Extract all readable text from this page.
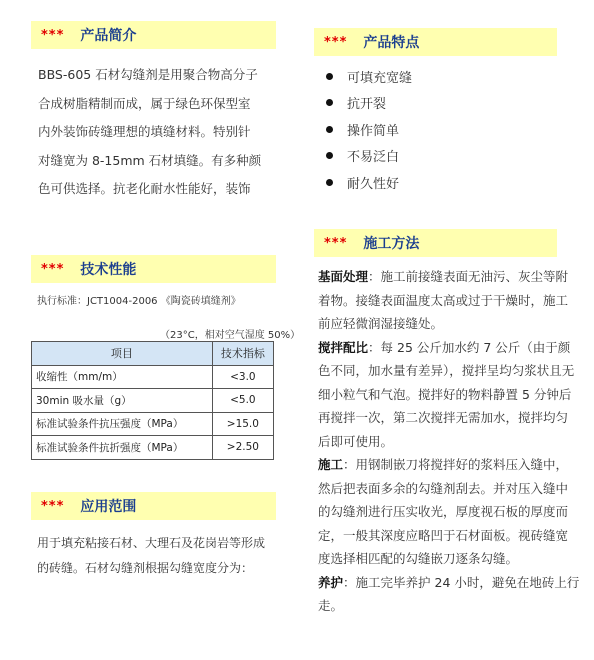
*** 产品简介
BBS-605 石材勾缝剂是用聚合物高分子
合成树脂精制而成，属于绿色环保型室
内外装饰砖缝理想的填缝材料。特别针
对缝宽为 8-15mm 石材填缝。有多种颜
色可供选择。抗老化耐水性能好，装饰
*** 产品特点
可填充宽缝
抗开裂
操作简单
不易泛白
耐久性好
*** 技术性能
执行标准：JCT1004-2006 《陶瓷砖填缝剂》
（23°C，相对空气湿度 50%）
项目	技术指标
收缩性（mm/m）	<3.0
30min 吸水量（g）	<5.0
标准试验条件抗压强度（MPa）	>15.0
标准试验条件抗折强度（MPa）	>2.50
*** 施工方法

基面处理：施工前接缝表面无油污、灰尘等附着物。接缝表面温度太高或过于干燥时，施工前应轻微润湿接缝处。

搅拌配比：每 25 公斤加水约 7 公斤（由于颜色不同，加水量有差异），搅拌呈均匀浆状且无细小粒气和气泡。搅拌好的物料静置 5 分钟后再搅拌一次，第二次搅拌无需加水，搅拌均匀后即可使用。

施工：用钢制嵌刀将搅拌好的浆料压入缝中，然后把表面多余的勾缝剂刮去。并对压入缝中的勾缝剂进行压实收光，厚度视石板的厚度而定，一般其深度应略凹于石材面板。视砖缝宽度选择相匹配的勾缝嵌刀逐条勾缝。

养护：施工完毕养护 24 小时，避免在地砖上行走。

*** 应用范围
用于填充粘接石材、大理石及花岗岩等形成
的砖缝。石材勾缝剂根据勾缝宽度分为：
